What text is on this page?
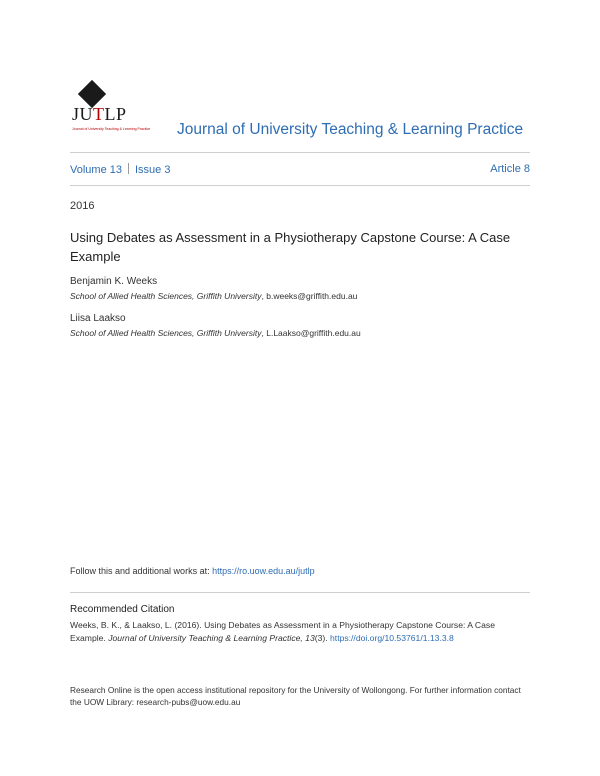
JUTLP
Journal of University Teaching & Learning Practice Journal of University Teaching & Learning Practice
Volume 13 Issue 3	Article 8
2016
Using Debates as Assessment in a Physiotherapy Capstone Course: A Case Example
Benjamin K. Weeks
School of Allied Health Sciences, Griffith University, b.weeks@griffith.edu.au
Liisa Laakso
School of Allied Health Sciences, Griffith University, L.Laakso@griffith.edu.au
Follow this and additional works at: https://ro.uow.edu.au/jutlp
Recommended Citation
Weeks, B. K., & Laakso, L. (2016). Using Debates as Assessment in a Physiotherapy Capstone Course: A Case Example. Journal of University Teaching & Learning Practice, 13(3). https://doi.org/10.53761/1.13.3.8
Research Online is the open access institutional repository for the University of Wollongong. For further information contact the UOW Library: research-pubs@uow.edu.au
